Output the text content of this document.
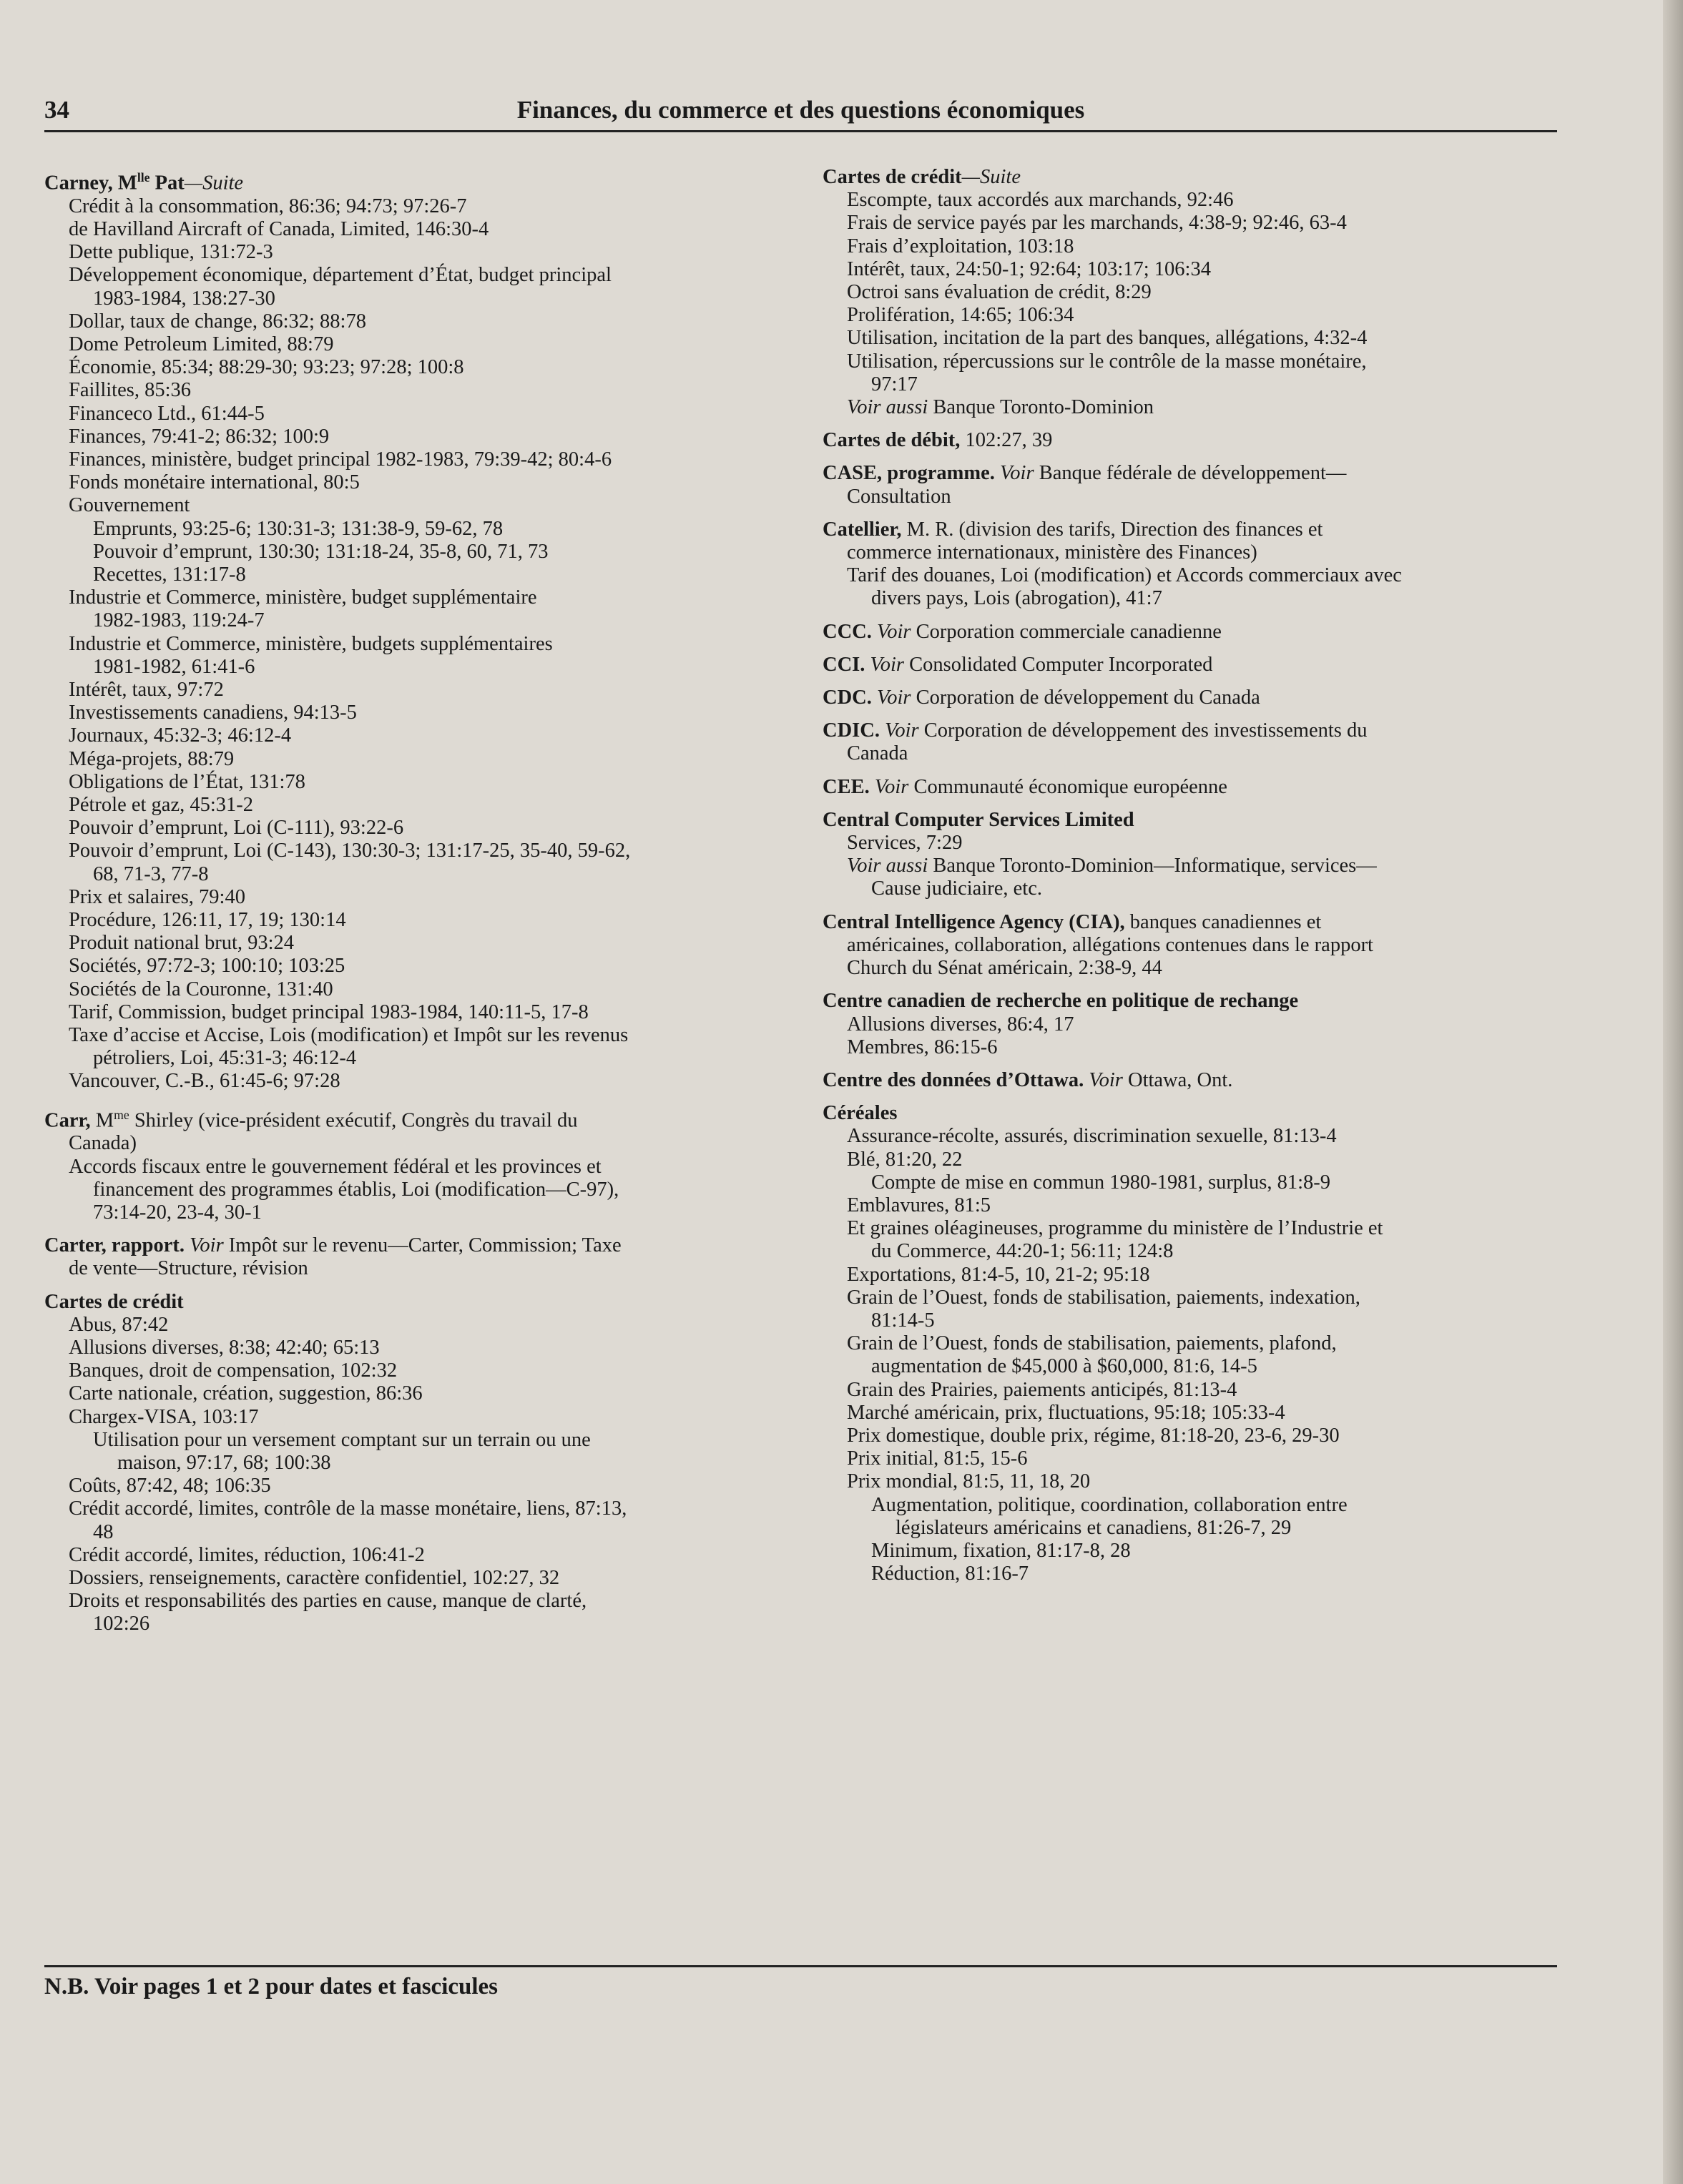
34	Finances, du commerce et des questions économiques
Carney, $M^{lle}$ Pat—Suite
Crédit à la consommation, 86:36; 94:73; 97:26-7
de Havilland Aircraft of Canada, Limited, 146:30-4
Dette publique, 131:72-3
Développement économique, département d’État, budget principal
1983-1984, 138:27-30
Dollar, taux de change, 86:32; 88:78
Dome Petroleum Limited, 88:79
Économie, 85:34; 88:29-30; 93:23; 97:28; 100:8
Faillites, 85:36
Financeco Ltd., 61:44-5
Finances, 79:41-2; 86:32; 100:9
Finances, ministère, budget principal 1982-1983, 79:39-42; 80:4-6
Fonds monétaire international, 80:5
Gouvernement
Emprunts, 93:25-6; 130:31-3; 131:38-9, 59-62, 78
Pouvoir d’emprunt, 130:30; 131:18-24, 35-8, 60, 71, 73
Recettes, 131:17-8
Industrie et Commerce, ministère, budget supplémentaire
1982-1983, 119:24-7
Industrie et Commerce, ministère, budgets supplémentaires
1981-1982, 61:41-6
Intérêt, taux, 97:72
Investissements canadiens, 94:13-5
Journaux, 45:32-3; 46:12-4
Méga-projets, 88:79
Obligations de l’État, 131:78
Pétrole et gaz, 45:31-2
Pouvoir d’emprunt, Loi (C-111), 93:22-6
Pouvoir d’emprunt, Loi (C-143), 130:30-3; 131:17-25, 35-40, 59-62,
68, 71-3, 77-8
Prix et salaires, 79:40
Procédure, 126:11, 17, 19; 130:14
Produit national brut, 93:24
Sociétés, 97:72-3; 100:10; 103:25
Sociétés de la Couronne, 131:40
Tarif, Commission, budget principal 1983-1984, 140:11-5, 17-8
Taxe d’accise et Accise, Lois (modification) et Impôt sur les revenus
pétroliers, Loi, 45:31-3; 46:12-4
Vancouver, C.-B., 61:45-6; 97:28
Carr, $M^{me}$ Shirley (vice-président exécutif, Congrès du travail du
Canada)
Accords fiscaux entre le gouvernement fédéral et les provinces et
financement des programmes établis, Loi (modification—C-97),
73:14-20, 23-4, 30-1
Carter, rapport. Voir Impôt sur le revenu—Carter, Commission; Taxe
de vente—Structure, révision
Cartes de crédit
Abus, 87:42
Allusions diverses, 8:38; 42:40; 65:13
Banques, droit de compensation, 102:32
Carte nationale, création, suggestion, 86:36
Chargex-VISA, 103:17
Utilisation pour un versement comptant sur un terrain ou une
maison, 97:17, 68; 100:38
Coûts, 87:42, 48; 106:35
Crédit accordé, limites, contrôle de la masse monétaire, liens, 87:13,
48
Crédit accordé, limites, réduction, 106:41-2
Dossiers, renseignements, caractère confidentiel, 102:27, 32
Droits et responsabilités des parties en cause, manque de clarté,
102:26
Cartes de crédit—Suite
Escompte, taux accordés aux marchands, 92:46
Frais de service payés par les marchands, 4:38-9; 92:46, 63-4
Frais d’exploitation, 103:18
Intérêt, taux, 24:50-1; 92:64; 103:17; 106:34
Octroi sans évaluation de crédit, 8:29
Prolifération, 14:65; 106:34
Utilisation, incitation de la part des banques, allégations, 4:32-4
Utilisation, répercussions sur le contrôle de la masse monétaire,
97:17
Voir aussi Banque Toronto-Dominion
Cartes de débit, 102:27, 39
CASE, programme. Voir Banque fédérale de développement—
Consultation
Catellier, M. R. (division des tarifs, Direction des finances et
commerce internationaux, ministère des Finances)
Tarif des douanes, Loi (modification) et Accords commerciaux avec
divers pays, Lois (abrogation), 41:7
CCC. Voir Corporation commerciale canadienne
CCI. Voir Consolidated Computer Incorporated
CDC. Voir Corporation de développement du Canada
CDIC. Voir Corporation de développement des investissements du
Canada
CEE. Voir Communauté économique européenne
Central Computer Services Limited
Services, 7:29
Voir aussi Banque Toronto-Dominion—Informatique, services—
Cause judiciaire, etc.
Central Intelligence Agency (CIA), banques canadiennes et
américaines, collaboration, allégations contenues dans le rapport
Church du Sénat américain, 2:38-9, 44
Centre canadien de recherche en politique de rechange
Allusions diverses, 86:4, 17
Membres, 86:15-6
Centre des données d’Ottawa. Voir Ottawa, Ont.
Céréales
Assurance-récolte, assurés, discrimination sexuelle, 81:13-4
Blé, 81:20, 22
Compte de mise en commun 1980-1981, surplus, 81:8-9
Emblavures, 81:5
Et graines oléagineuses, programme du ministère de l’Industrie et
du Commerce, 44:20-1; 56:11; 124:8
Exportations, 81:4-5, 10, 21-2; 95:18
Grain de l’Ouest, fonds de stabilisation, paiements, indexation,
81:14-5
Grain de l’Ouest, fonds de stabilisation, paiements, plafond,
augmentation de $45,000 à $60,000, 81:6, 14-5
Grain des Prairies, paiements anticipés, 81:13-4
Marché américain, prix, fluctuations, 95:18; 105:33-4
Prix domestique, double prix, régime, 81:18-20, 23-6, 29-30
Prix initial, 81:5, 15-6
Prix mondial, 81:5, 11, 18, 20
Augmentation, politique, coordination, collaboration entre
législateurs américains et canadiens, 81:26-7, 29
Minimum, fixation, 81:17-8, 28
Réduction, 81:16-7
N.B. Voir pages 1 et 2 pour dates et fascicules
